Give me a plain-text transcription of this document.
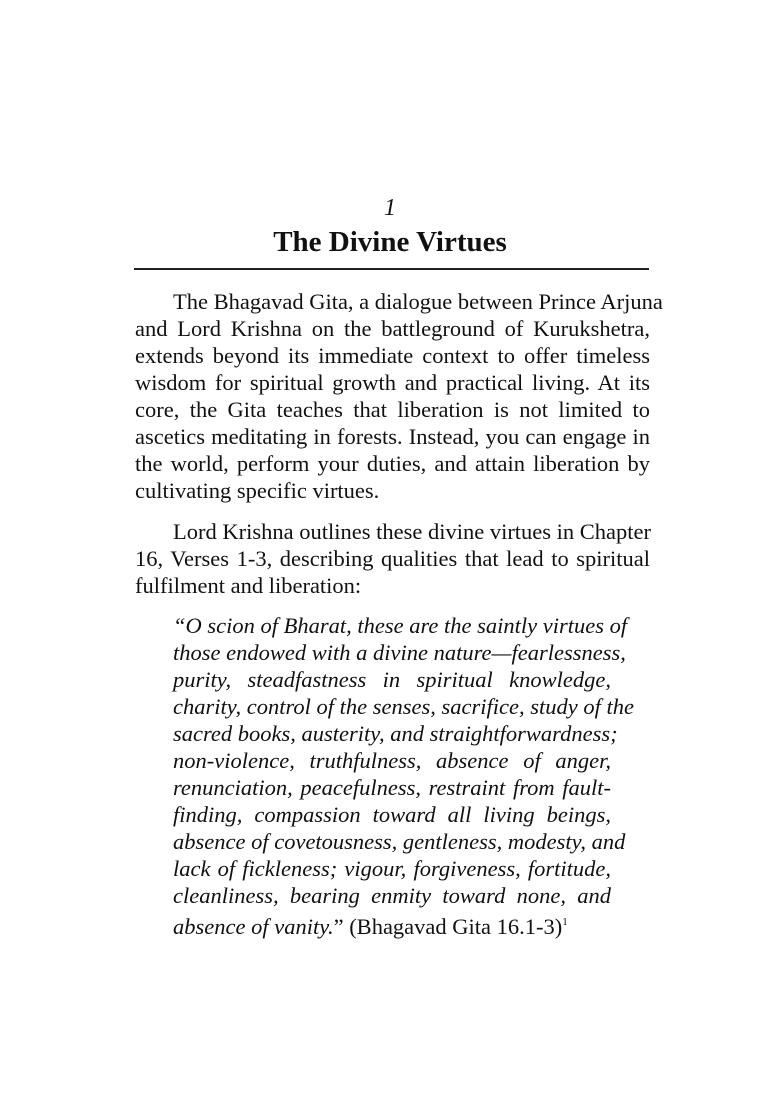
1
The Divine Virtues
The Bhagavad Gita, a dialogue between Prince Arjuna
and Lord Krishna on the battleground of Kurukshetra,
extends beyond its immediate context to offer timeless
wisdom for spiritual growth and practical living. At its
core, the Gita teaches that liberation is not limited to
ascetics meditating in forests. Instead, you can engage in
the world, perform your duties, and attain liberation by
cultivating specific virtues.
Lord Krishna outlines these divine virtues in Chapter
16, Verses 1-3, describing qualities that lead to spiritual
fulfilment and liberation:
“O scion of Bharat, these are the saintly virtues of
those endowed with a divine nature—fearlessness,
purity, steadfastness in spiritual knowledge,
charity, control of the senses, sacrifice, study of the
sacred books, austerity, and straightforwardness;
non-violence, truthfulness, absence of anger,
renunciation, peacefulness, restraint from fault-
finding, compassion toward all living beings,
absence of covetousness, gentleness, modesty, and
lack of fickleness; vigour, forgiveness, fortitude,
cleanliness, bearing enmity toward none, and
absence of vanity.” (Bhagavad Gita 16.1-3)$^1$
